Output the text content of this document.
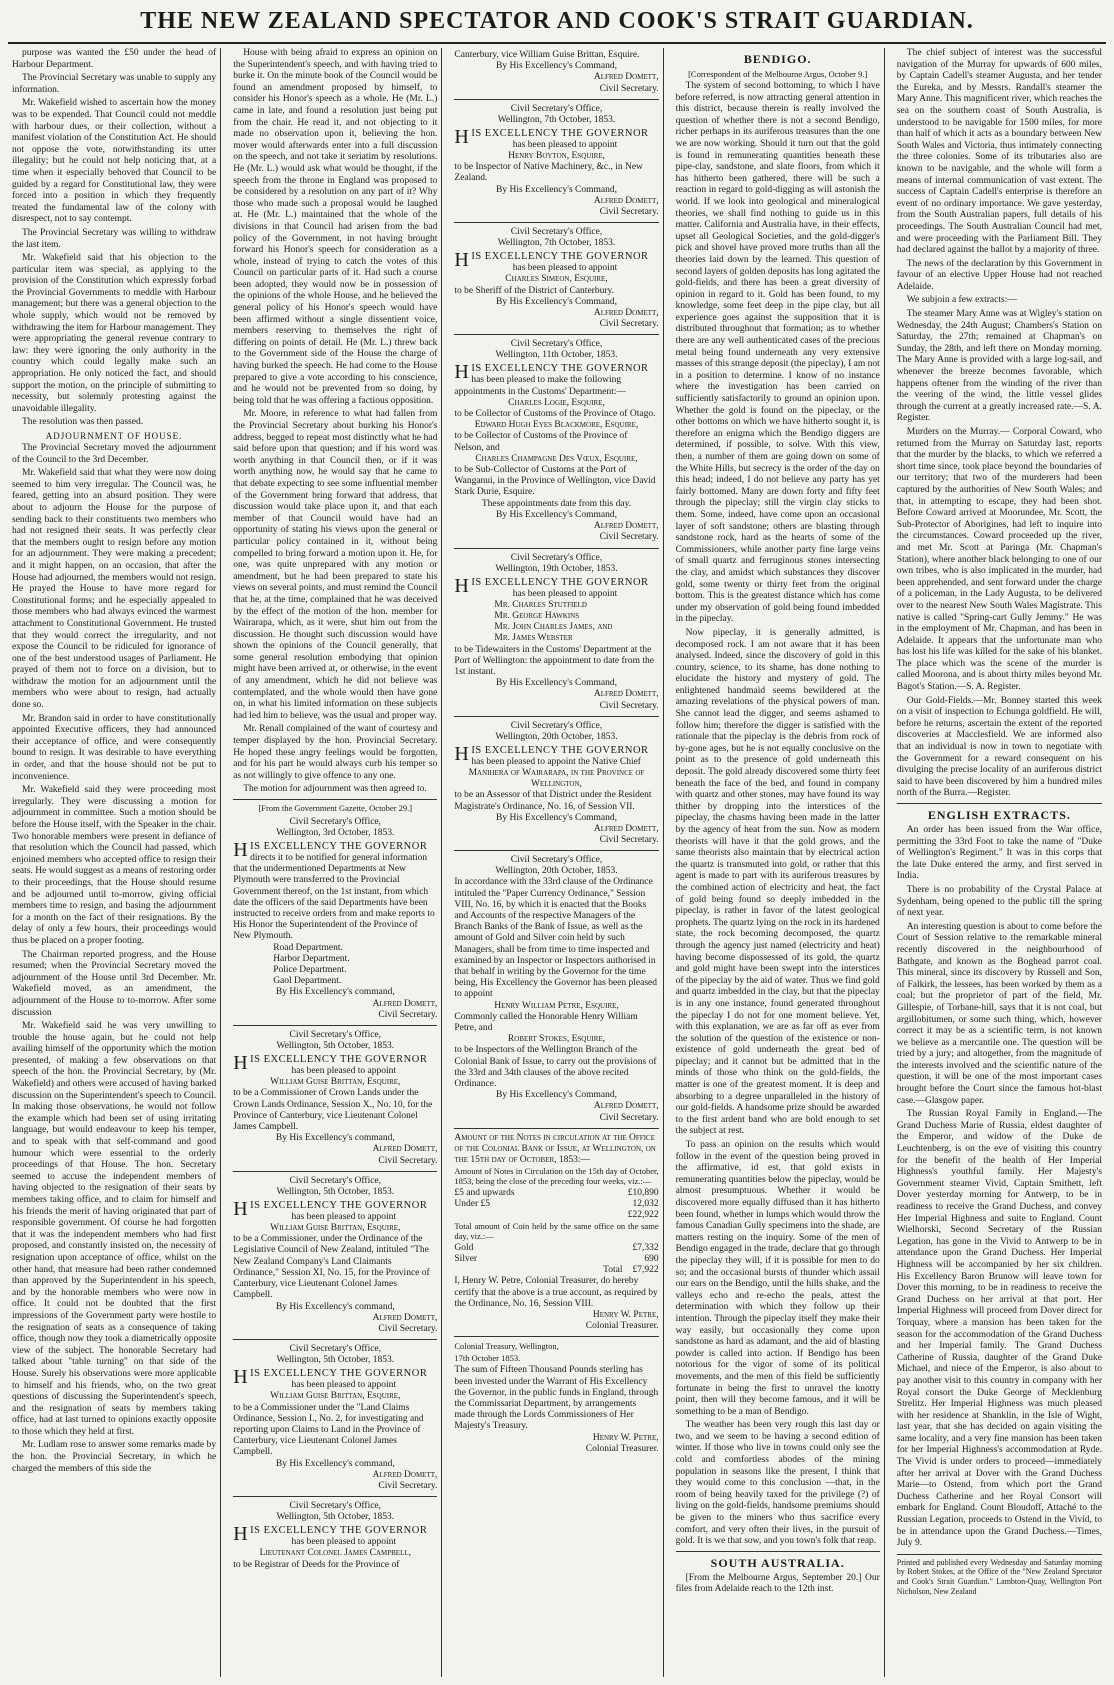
THE NEW ZEALAND SPECTATOR AND COOK'S STRAIT GUARDIAN.

purpose was wanted the £50 under the head of Harbour Department.

The Provincial Secretary was unable to supply any information.

Mr. Wakefield wished to ascertain how the money was to be expended. That Council could not meddle with harbour dues, or their collection, without a manifest violation of the Constitution Act. He should not oppose the vote, notwithstanding its utter illegality; but he could not help noticing that, at a time when it especially behoved that Council to be guided by a regard for Constitutional law, they were forced into a position in which they frequently treated the fundamental law of the colony with disrespect, not to say contempt.

The Provincial Secretary was willing to withdraw the last item.

Mr. Wakefield said that his objection to the particular item was special, as applying to the provision of the Constitution which expressly forbad the Provincial Governments to meddle with Harbour management; but there was a general objection to the whole supply, which would not be removed by withdrawing the item for Harbour management. They were appropriating the general revenue contrary to law: they were ignoring the only authority in the country which could legally make such an appropriation. He only noticed the fact, and should support the motion, on the principle of submitting to necessity, but solemnly protesting against the unavoidable illegality.

The resolution was then passed.

ADJOURNMENT OF HOUSE.

The Provincial Secretary moved the adjournment of the Council to the 3rd December.

Mr. Wakefield said that what they were now doing seemed to him very irregular. The Council was, he feared, getting into an absurd position. They were about to adjourn the House for the purpose of sending back to their constituents two members who had not resigned their seats. It was perfectly clear that the members ought to resign before any motion for an adjournment. They were making a precedent; and it might happen, on an occasion, that after the House had adjourned, the members would not resign. He prayed the House to have more regard for Constitutional forms; and he especially appealed to those members who had always evinced the warmest attachment to Constitutional Government. He trusted that they would correct the irregularity, and not expose the Council to be ridiculed for ignorance of one of the best understood usages of Parliament. He prayed of them not to force on a division, but to withdraw the motion for an adjournment until the members who were about to resign, had actually done so.

Mr. Brandon said in order to have constitutionally appointed Executive officers, they had announced their acceptance of office, and were consequently bound to resign. It was desirable to have everything in order, and that the house should not be put to inconvenience.

Mr. Wakefield said they were proceeding most irregularly. They were discussing a motion for adjournment in committee. Such a motion should be before the House itself, with the Speaker in the chair. Two honorable members were present in defiance of that resolution which the Council had passed, which enjoined members who accepted office to resign their seats. He would suggest as a means of restoring order to their proceedings, that the House should resume and be adjourned until to-morrow, giving official members time to resign, and basing the adjournment for a month on the fact of their resignations. By the delay of only a few hours, their proceedings would thus be placed on a proper footing.

The Chairman reported progress, and the House resumed; when the Provincial Secretary moved the adjournment of the House until 3rd December. Mr. Wakefield moved, as an amendment, the adjournment of the House to to-morrow. After some discussion

Mr. Wakefield said he was very unwilling to trouble the house again, but he could not help availing himself of the opportunity which the motion presented, of making a few observations on that speech of the hon. the Provincial Secretary, by (Mr. Wakefield) and others were accused of having barked discussion on the Superintendent's speech to Council. In making those observations, he would not follow the example which had been set of using irritating language, but would endeavour to keep his temper, and to speak with that self-command and good humour which were essential to the orderly proceedings of that House. The hon. Secretary seemed to accuse the independent members of having objected to the resignation of their seats by members taking office, and to claim for himself and his friends the merit of having originated that part of responsible government. Of course he had forgotten that it was the independent members who had first proposed, and constantly insisted on, the necessity of resignation upon acceptance of office, whilst on the other hand, that measure had been rather condemned than approved by the Superintendent in his speech, and by the honorable members who were now in office. It could not be doubted that the first impressions of the Government party were hostile to the resignation of seats as a consequence of taking office, though now they took a diametrically opposite view of the subject. The honorable Secretary had talked about "table turning" on that side of the House. Surely his observations were more applicable to himself and his friends, who, on the two great questions of discussing the Superintendent's speech, and the resignation of seats by members taking office, had at last turned to opinions exactly opposite to those which they held at first.

Mr. Ludlam rose to answer some remarks made by the hon. the Provincial Secretary, in which he charged the members of this side the

House with being afraid to express an opinion on the Superintendent's speech, and with having tried to burke it. On the minute book of the Council would be found an amendment proposed by himself, to consider his Honor's speech as a whole. He (Mr. L.) came in late, and found a resolution just being put from the chair. He read it, and not objecting to it made no observation upon it, believing the hon. mover would afterwards enter into a full discussion on the speech, and not take it seriatim by resolutions. He (Mr. L.) would ask what would be thought, if the speech from the throne in England was proposed to be considered by a resolution on any part of it? Why those who made such a proposal would be laughed at. He (Mr. L.) maintained that the whole of the divisions in that Council had arisen from the bad policy of the Government, in not having brought forward his Honor's speech for consideration as a whole, instead of trying to catch the votes of this Council on particular parts of it. Had such a course been adopted, they would now be in possession of the opinions of the whole House, and he believed the general policy of his Honor's speech would have been affirmed without a single dissentient voice, members reserving to themselves the right of differing on points of detail. He (Mr. L.) threw back to the Government side of the House the charge of having burked the speech. He had come to the House prepared to give a vote according to his conscience, and he would not be prevented from so doing, by being told that he was offering a factious opposition.

Mr. Moore, in reference to what had fallen from the Provincial Secretary about burking his Honor's address, begged to repeat most distinctly what he had said before upon that question; and if his word was worth anything in that Council then, or if it was worth anything now, he would say that he came to that debate expecting to see some influential member of the Government bring forward that address, that discussion would take place upon it, and that each member of that Council would have had an opportunity of stating his views upon the general or particular policy contained in it, without being compelled to bring forward a motion upon it. He, for one, was quite unprepared with any motion or amendment, but he had been prepared to state his views on several points, and must remind the Council that he, at the time, complained that he was deceived by the effect of the motion of the hon. member for Wairarapa, which, as it were, shut him out from the discussion. He thought such discussion would have shown the opinions of the Council generally, that some general resolution embodying that opinion might have been arrived at, or otherwise, in the event of any amendment, which he did not believe was contemplated, and the whole would then have gone on, in what his limited information on these subjects had led him to believe, was the usual and proper way.

Mr. Renall complained of the want of courtesy and temper displayed by the hon. Provincial Secretary. He hoped these angry feelings would be forgotten, and for his part he would always curb his temper so as not willingly to give offence to any one.

The motion for adjournment was then agreed to.

[From the Government Gazette, October 29.]

Civil Secretary's Office,

Wellington, 3rd October, 1853.

HIS EXCELLENCY THE GOVERNOR

directs it to be notified for general information that the undermentioned Departments at New Plymouth were transferred to the Provincial Government thereof, on the 1st instant, from which date the officers of the said Departments have been instructed to receive orders from and make reports to His Honor the Superintendent of the Province of New Plymouth.

Road Department.

Harbor Department.

Police Department.

Gaol Department.

By His Excellency's command,

Alfred Domett,

Civil Secretary.

Civil Secretary's Office,

Wellington, 5th October, 1853.

HIS EXCELLENCY THE GOVERNOR

has been pleased to appoint

William Guise Brittan, Esquire,

to be a Commissioner of Crown Lands under the Crown Lands Ordinance, Session X., No. 10, for the Province of Canterbury, vice Lieutenant Colonel James Campbell.

By His Excellency's command,

Alfred Domett,

Civil Secretary.

Civil Secretary's Office,

Wellington, 5th October, 1853.

HIS EXCELLENCY THE GOVERNOR

has been pleased to appoint

William Guise Brittan, Esquire,

to be a Commissioner, under the Ordinance of the Legislative Council of New Zealand, intituled "The New Zealand Company's Land Claimants Ordinance," Session XI, No. 15, for the Province of Canterbury, vice Lieutenant Colonel James Campbell.

By His Excellency's command,

Alfred Domett,

Civil Secretary.

Civil Secretary's Office,

Wellington, 5th October, 1853.

HIS EXCELLENCY THE GOVERNOR

has been pleased to appoint

William Guise Brittan, Esquire,

to be a Commissioner under the "Land Claims Ordinance, Session I., No. 2, for investigating and reporting upon Claims to Land in the Province of Canterbury, vice Lieutenant Colonel James Campbell.

By His Excellency's command,

Alfred Domett,

Civil Secretary.

Civil Secretary's Office,

Wellington, 5th October, 1853.

HIS EXCELLENCY THE GOVERNOR

has been pleased to appoint

Lieutenant Colonel James Campbell,

to be Registrar of Deeds for the Province of

Canterbury, vice William Guise Brittan, Esquire.

By His Excellency's Command,

Alfred Domett,

Civil Secretary.

Civil Secretary's Office,

Wellington, 7th October, 1853.

HIS EXCELLENCY THE GOVERNOR

has been pleased to appoint

Henry Boyton, Esquire,

to be Inspector of Native Machinery, &c., in New Zealand.

By His Excellency's Command,

Alfred Domett,

Civil Secretary.

Civil Secretary's Office,

Wellington, 7th October, 1853.

HIS EXCELLENCY THE GOVERNOR

has been pleased to appoint

Charles Simeon, Esquire,

to be Sheriff of the District of Canterbury.

By His Excellency's Command,

Alfred Domett,

Civil Secretary.

Civil Secretary's Office,

Wellington, 11th October, 1853.

HIS EXCELLENCY THE GOVERNOR

has been pleased to make the following appointments in the Customs' Department:—

Charles Logie, Esquire,

to be Collector of Customs of the Province of Otago.

Edward Hugh Eyes Blackmore, Esquire,

to be Collector of Customs of the Province of Nelson, and

Charles Champagne Des Vœux, Esquire,

to be Sub-Collector of Customs at the Port of Wanganui, in the Province of Wellington, vice David Stark Durie, Esquire.

These appointments date from this day.

By His Excellency's Command,

Alfred Domett,

Civil Secretary.

Civil Secretary's Office,

Wellington, 19th October, 1853.

HIS EXCELLENCY THE GOVERNOR

has been pleased to appoint

Mr. Charles Stutfield

Mr. George Hawkins

Mr. John Charles James, and

Mr. James Webster

to be Tidewaiters in the Customs' Department at the Port of Wellington: the appointment to date from the 1st instant.

By His Excellency's Command,

Alfred Domett,

Civil Secretary.

Civil Secretary's Office,

Wellington, 20th October, 1853.

HIS EXCELLENCY THE GOVERNOR

has been pleased to appoint the Native Chief

Manihera of Wairarapa, in the Province of Wellington,

to be an Assessor of that District under the Resident Magistrate's Ordinance, No. 16, of Session VII.

By His Excellency's Command,

Alfred Domett,

Civil Secretary.

Civil Secretary's Office,

Wellington, 20th October, 1853.

In accordance with the 33rd clause of the Ordinance intituled the "Paper Currency Ordinance," Session VIII, No. 16, by which it is enacted that the Books and Accounts of the respective Managers of the Branch Banks of the Bank of Issue, as well as the amount of Gold and Silver coin held by such Managers, shall be from time to time inspected and examined by an Inspector or Inspectors authorised in that behalf in writing by the Governor for the time being, His Excellency the Governor has been pleased to appoint

Henry William Petre, Esquire,

Commonly called the Honorable Henry William Petre, and

Robert Stokes, Esquire,

to be Inspectors of the Wellington Branch of the Colonial Bank of Issue, to carry out the provisions of the 33rd and 34th clauses of the above recited Ordinance.

By His Excellency's Command,

Alfred Domett,

Civil Secretary.

Amount of the Notes in circulation at the Office of the Colonial Bank of Issue, at Wellington, on the 15th day of October, 1853:—

Amount of Notes in Circulation on the 15th day of October, 1853, being the close of the preceding four weeks, viz.:—

£5 and upwards	£10,890
Under £5	12,032
£22,922

Total amount of Coin held by the same office on the same day, viz.:—

Gold	£7,332
Silver	690
Total £7,922

I, Henry W. Petre, Colonial Treasurer, do hereby certify that the above is a true account, as required by the Ordinance, No. 16, Session VIII.

Henry W. Petre,

Colonial Treasurer.

Colonial Treasury, Wellington,

17th October 1853.

The sum of Fifteen Thousand Pounds sterling has been invested under the Warrant of His Excellency the Governor, in the public funds in England, through the Commissariat Department, by arrangements made through the Lords Commissioners of Her Majesty's Treasury.

Henry W. Petre,

Colonial Treasurer.

BENDIGO.

[Correspondent of the Melbourne Argus, October 9.]

The system of second bottoming, to which I have before referred, is now attracting general attention in this district, because therein is really involved the question of whether there is not a second Bendigo, richer perhaps in its auriferous treasures than the one we are now working. Should it turn out that the gold is found in remunerating quantities beneath these pipe-clay, sandstone, and slate floors, from which it has hitherto been gathered, there will be such a reaction in regard to gold-digging as will astonish the world. If we look into geological and mineralogical theories, we shall find nothing to guide us in this matter. California and Australia have, in their effects, upset all Geological Societies, and the gold-digger's pick and shovel have proved more truths than all the theories laid down by the learned. This question of second layers of golden deposits has long agitated the gold-fields, and there has been a great diversity of opinion in regard to it. Gold has been found, to my knowledge, some feet deep in the pipe clay, but all experience goes against the supposition that it is distributed throughout that formation; as to whether there are any well authenticated cases of the precious metal being found underneath any very extensive masses of this strange deposit (the pipeclay), I am not in a position to determine. I know of no instance where the investigation has been carried on sufficiently satisfactorily to ground an opinion upon. Whether the gold is found on the pipeclay, or the other bottoms on which we have hitherto sought it, is therefore an enigma which the Bendigo diggers are determined, if possible, to solve. With this view, then, a number of them are going down on some of the White Hills, but secrecy is the order of the day on this head; indeed, I do not believe any party has yet fairly bottomed. Many are down forty and fifty feet through the pipeclay; still the virgin clay sticks to them. Some, indeed, have come upon an occasional layer of soft sandstone; others are blasting through sandstone rock, hard as the hearts of some of the Commissioners, while another party fine large veins of small quartz and ferruginous stones intersecting the clay, and amidst which substances they discover gold, some twenty or thirty feet from the original bottom. This is the greatest distance which has come under my observation of gold being found imbedded in the pipeclay.

Now pipeclay, it is generally admitted, is decomposed rock. I am not aware that it has been analysed. Indeed, since the discovery of gold in this country, science, to its shame, has done nothing to elucidate the history and mystery of gold. The enlightened handmaid seems bewildered at the amazing revelations of the physical powers of man. She cannot lead the digger, and seems ashamed to follow him; therefore the digger is satisfied with the rationale that the pipeclay is the debris from rock of by-gone ages, but he is not equally conclusive on the point as to the presence of gold underneath this deposit. The gold already discovered some thirty feet beneath the face of the bed, and found in company with quartz and other stones, may have found its way thither by dropping into the interstices of the pipeclay, the chasms having been made in the latter by the agency of heat from the sun. Now as modern theorists will have it that the gold grows, and the same theorists also maintain that by electrical action the quartz is transmuted into gold, or rather that this agent is made to part with its auriferous treasures by the combined action of electricity and heat, the fact of gold being found so deeply imbedded in the pipeclay, is rather in favor of the latest geological prophets. The quartz lying on the rock in its hardened state, the rock becoming decomposed, the quartz through the agency just named (electricity and heat) having become dispossessed of its gold, the quartz and gold might have been swept into the interstices of the pipeclay by the aid of water. Thus we find gold and quartz imbedded in the clay, but that the pipeclay is in any one instance, found generated throughout the pipeclay I do not for one moment believe. Yet, with this explanation, we are as far off as ever from the solution of the question of the existence or non-existence of gold underneath the great bed of pipeclay; and it cannot but be admitted that in the minds of those who think on the gold-fields, the matter is one of the greatest moment. It is deep and absorbing to a degree unparalleled in the history of our gold-fields. A handsome prize should be awarded to the first ardent band who are bold enough to set the subject at rest.

To pass an opinion on the results which would follow in the event of the question being proved in the affirmative, id est, that gold exists in remunerating quantities below the pipeclay, would be almost presumptuous. Whether it would be discovered more equally diffused than it has hitherto been found, whether in lumps which would throw the famous Canadian Gully specimens into the shade, are matters resting on the inquiry. Some of the men of Bendigo engaged in the trade, declare that go through the pipeclay they will, if it is possible for men to do so; and the occasional bursts of thunder which assail our ears on the Bendigo, until the hills shake, and the valleys echo and re-echo the peals, attest the determination with which they follow up their intention. Through the pipeclay itself they make their way easily, but occasionally they come upon sandstone as hard as adamant, and the aid of blasting powder is called into action. If Bendigo has been notorious for the vigor of some of its political movements, and the men of this field be sufficiently fortunate in being the first to unravel the knotty point, then will they become famous, and it will be something to be a man of Bendigo.

The weather has been very rough this last day or two, and we seem to be having a second edition of winter. If those who live in towns could only see the cold and comfortless abodes of the mining population in seasons like the present, I think that they would come to this conclusion —that, in the room of being heavily taxed for the privilege (?) of living on the gold-fields, handsome premiums should be given to the miners who thus sacrifice every comfort, and very often their lives, in the pursuit of gold. It is we that sow, and you town's folk that reap.

SOUTH AUSTRALIA.

[From the Melbourne Argus, September 20.] Our files from Adelaide reach to the 12th inst.

The chief subject of interest was the successful navigation of the Murray for upwards of 600 miles, by Captain Cadell's steamer Augusta, and her tender the Eureka, and by Messrs. Randall's steamer the Mary Anne. This magnificent river, which reaches the sea on the southern coast of South Australia, is understood to be navigable for 1500 miles, for more than half of which it acts as a boundary between New South Wales and Victoria, thus intimately connecting the three colonies. Some of its tributaries also are known to be navigable, and the whole will form a means of internal communication of vast extent. The success of Captain Cadell's enterprise is therefore an event of no ordinary importance. We gave yesterday, from the South Australian papers, full details of his proceedings. The South Australian Council had met, and were proceeding with the Parliament Bill. They had declared against the ballot by a majority of three.

The news of the declaration by this Government in favour of an elective Upper House had not reached Adelaide.

We subjoin a few extracts:—

The steamer Mary Anne was at Wigley's station on Wednesday, the 24th August; Chambers's Station on Saturday, the 27th; remained at Chapman's on Sunday, the 28th, and left there on Monday morning. The Mary Anne is provided with a large log-sail, and whenever the breeze becomes favorable, which happens oftener from the winding of the river than the veering of the wind, the little vessel glides through the current at a greatly increased rate.—S. A. Register.

Murders on the Murray.— Corporal Coward, who returned from the Murray on Saturday last, reports that the murder by the blacks, to which we referred a short time since, took place beyond the boundaries of our territory; that two of the murderers had been captured by the authorities of New South Wales; and that, in attempting to escape, they had been shot. Before Coward arrived at Moorundee, Mr. Scott, the Sub-Protector of Aborigines, had left to inquire into the circumstances. Coward proceeded up the river, and met Mr. Scott at Paringa (Mr. Chapman's Station), where another black belonging to one of our own tribes, who is also implicated in the murder, had been apprehended, and sent forward under the charge of a policeman, in the Lady Augusta, to be delivered over to the nearest New South Wales Magistrate. This native is called "Spring-cart Gully Jemmy." He was in the employment of Mr. Chapman, and has been in Adelaide. It appears that the unfortunate man who has lost his life was killed for the sake of his blanket. The place which was the scene of the murder is called Moorona, and is about thirty miles beyond Mr. Bagot's Station.—S. A. Register.

Our Gold-Fields.—Mr. Bonney started this week on a visit of inspection to Echunga goldfield. He will, before he returns, ascertain the extent of the reported discoveries at Macclesfield. We are informed also that an individual is now in town to negotiate with the Government for a reward consequent on his divulging the precise locality of an auriferous district said to have been discovered by him a hundred miles north of the Burra.—Register.

ENGLISH EXTRACTS.

An order has been issued from the War office, permitting the 33rd Foot to take the name of "Duke of Wellington's Regiment." It was in this corps that the late Duke entered the army, and first served in India.

There is no probability of the Crystal Palace at Sydenham, being opened to the public till the spring of next year.

An interesting question is about to come before the Court of Session relative to the remarkable mineral recently discovered in the neighbourhood of Bathgate, and known as the Boghead parrot coal. This mineral, since its discovery by Russell and Son, of Falkirk, the lessees, has been worked by them as a coal; but the proprietor of part of the field, Mr. Gillespie, of Torbane-hill, says that it is not coal, but argillobitumen, or some such thing, which, however correct it may be as a scientific term, is not known we believe as a mercantile one. The question will be tried by a jury; and altogether, from the magnitude of the interests involved and the scientific nature of the question, it will be one of the most important cases brought before the Court since the famous hot-blast case.—Glasgow paper.

The Russian Royal Family in England.—The Grand Duchess Marie of Russia, eldest daughter of the Emperor, and widow of the Duke de Leuchtenberg, is on the eve of visiting this country for the benefit of the health of Her Imperial Highness's youthful family. Her Majesty's Government steamer Vivid, Captain Smithett, left Dover yesterday morning for Antwerp, to be in readiness to receive the Grand Duchess, and convey Her Imperial Highness and suite to England. Count Wielhorski, Second Secretary of the Russian Legation, has gone in the Vivid to Antwerp to be in attendance upon the Grand Duchess. Her Imperial Highness will be accompanied by her six children. His Excellency Baron Brunow will leave town for Dover this morning, to be in readiness to receive the Grand Duchess on her arrival at that port. Her Imperial Highness will proceed from Dover direct for Torquay, where a mansion has been taken for the season for the accommodation of the Grand Duchess and her Imperial family. The Grand Duchess Catherine of Russia, daughter of the Grand Duke Michael, and niece of the Emperor, is also about to pay another visit to this country in company with her Royal consort the Duke George of Mecklenburg Strelitz. Her Imperial Highness was much pleased with her residence at Shanklin, in the Isle of Wight, last year, that she has decided on again visiting the same locality, and a very fine mansion has been taken for her Imperial Highness's accommodation at Ryde. The Vivid is under orders to proceed—immediately after her arrival at Dover with the Grand Duchess Marie—to Ostend, from which port the Grand Duchess Catherine and her Royal Consort will embark for England. Count Bloudoff, Attaché to the Russian Legation, proceeds to Ostend in the Vivid, to be in attendance upon the Grand Duchess.—Times, July 9.

Printed and published every Wednesday and Saturday morning by Robert Stokes, at the Office of the "New Zealand Spectator and Cook's Strait Guardian." Lambton-Quay, Wellington Port Nicholson, New Zealand
